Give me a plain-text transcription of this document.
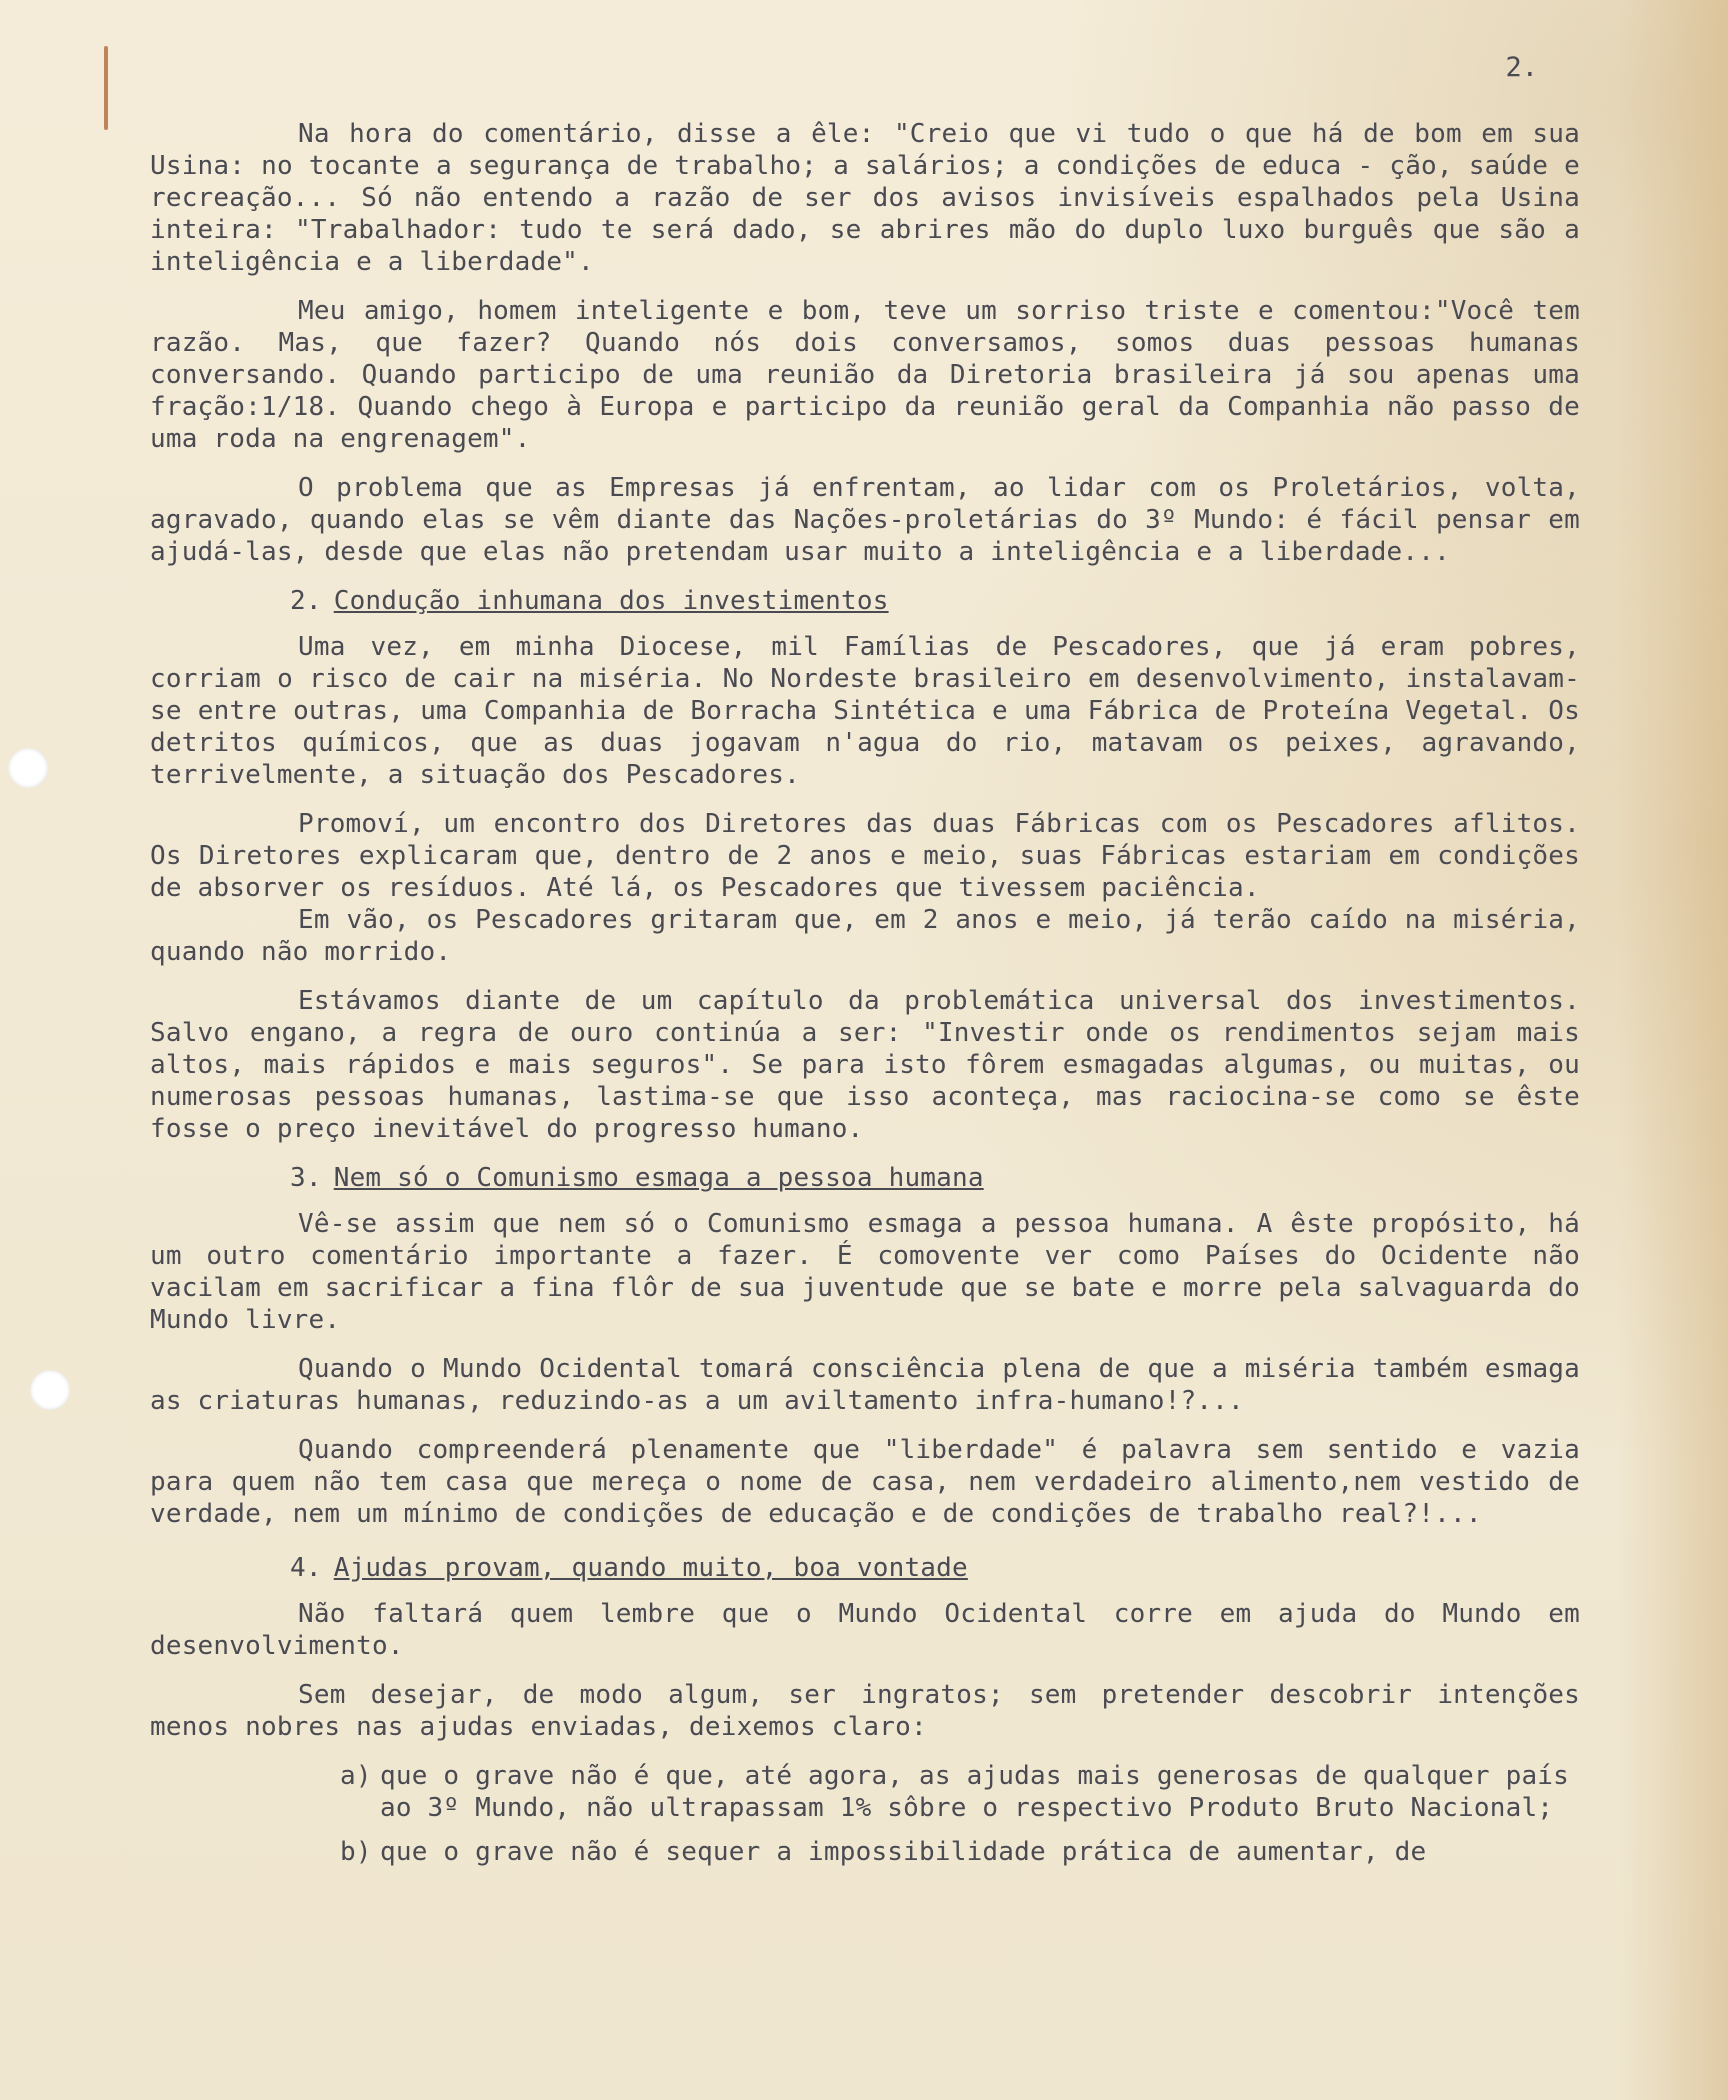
2.

Na hora do comentário, disse a êle: "Creio que vi tudo o que há de bom em sua Usina: no tocante a segurança de trabalho; a salários; a condições de educa - ção, saúde e recreação... Só não entendo a razão de ser dos avisos invisíveis espalhados pela Usina inteira: "Trabalhador: tudo te será dado, se abrires mão do duplo luxo burguês que são a inteligência e a liberdade".

Meu amigo, homem inteligente e bom, teve um sorriso triste e comentou:"Você tem razão. Mas, que fazer? Quando nós dois conversamos, somos duas pessoas humanas conversando. Quando participo de uma reunião da Diretoria brasileira já sou apenas uma fração:1/18. Quando chego à Europa e participo da reunião geral da Companhia não passo de uma roda na engrenagem".

O problema que as Empresas já enfrentam, ao lidar com os Proletários, volta, agravado, quando elas se vêm diante das Nações-proletárias do 3º Mundo: é fácil pensar em ajudá-las, desde que elas não pretendam usar muito a inteligência e a liberdade...

2. Condução inhumana dos investimentos

Uma vez, em minha Diocese, mil Famílias de Pescadores, que já eram pobres, corriam o risco de cair na miséria. No Nordeste brasileiro em desenvolvimento, instalavam-se entre outras, uma Companhia de Borracha Sintética e uma Fábrica de Proteína Vegetal. Os detritos químicos, que as duas jogavam n'agua do rio, matavam os peixes, agravando, terrivelmente, a situação dos Pescadores.

Promoví, um encontro dos Diretores das duas Fábricas com os Pescadores aflitos. Os Diretores explicaram que, dentro de 2 anos e meio, suas Fábricas estariam em condições de absorver os resíduos. Até lá, os Pescadores que tivessem paciência.

Em vão, os Pescadores gritaram que, em 2 anos e meio, já terão caído na miséria, quando não morrido.

Estávamos diante de um capítulo da problemática universal dos investimentos. Salvo engano, a regra de ouro continúa a ser: "Investir onde os rendimentos sejam mais altos, mais rápidos e mais seguros". Se para isto fôrem esmagadas algumas, ou muitas, ou numerosas pessoas humanas, lastima-se que isso aconteça, mas raciocina-se como se êste fosse o preço inevitável do progresso humano.

3. Nem só o Comunismo esmaga a pessoa humana

Vê-se assim que nem só o Comunismo esmaga a pessoa humana. A êste propósito, há um outro comentário importante a fazer. É comovente ver como Países do Ocidente não vacilam em sacrificar a fina flôr de sua juventude que se bate e morre pela salvaguarda do Mundo livre.

Quando o Mundo Ocidental tomará consciência plena de que a miséria também esmaga as criaturas humanas, reduzindo-as a um aviltamento infra-humano!?...

Quando compreenderá plenamente que "liberdade" é palavra sem sentido e vazia para quem não tem casa que mereça o nome de casa, nem verdadeiro alimento,nem vestido de verdade, nem um mínimo de condições de educação e de condições de trabalho real?!...

4. Ajudas provam, quando muito, boa vontade

Não faltará quem lembre que o Mundo Ocidental corre em ajuda do Mundo em desenvolvimento.

Sem desejar, de modo algum, ser ingratos; sem pretender descobrir intenções menos nobres nas ajudas enviadas, deixemos claro:

a) que o grave não é que, até agora, as ajudas mais generosas de qualquer país ao 3º Mundo, não ultrapassam 1% sôbre o respectivo Produto Bruto Nacional;
b) que o grave não é sequer a impossibilidade prática de aumentar, de
